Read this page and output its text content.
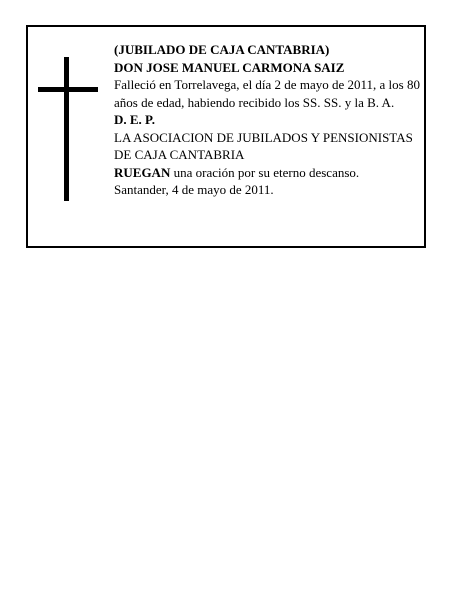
(JUBILADO DE CAJA CANTABRIA)
DON JOSE MANUEL CARMONA SAIZ
Falleció en Torrelavega, el día 2 de mayo de 2011, a los 80 años de edad, habiendo recibido los SS. SS. y la B. A.
D. E. P.
LA ASOCIACION DE JUBILADOS Y PENSIONISTAS
DE CAJA CANTABRIA
RUEGAN una oración por su eterno descanso.
Santander, 4 de mayo de 2011.
